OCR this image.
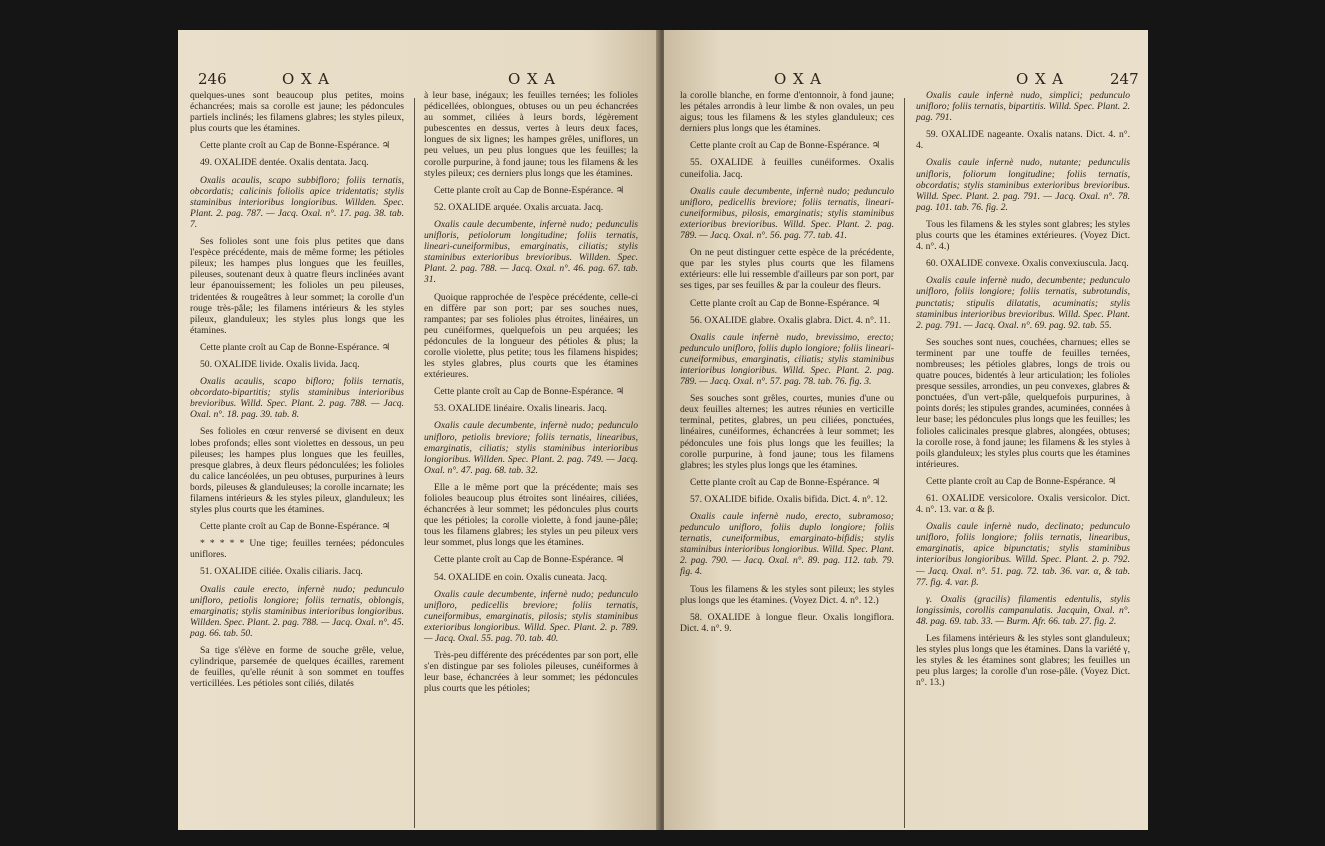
246	OXA	OXA

quelques-unes sont beaucoup plus petites, moins échancrées; mais sa corolle est jaune; les pédoncules partiels inclinés; les filamens glabres; les styles pileux, plus courts que les étamines.

Cette plante croît au Cap de Bonne-Espérance. ♃

49. OXALIDE dentée. Oxalis dentata. Jacq.

Oxalis acaulis, scapo subbifloro; foliis ternatis, obcordatis; calicinis foliolis apice tridentatis; stylis staminibus interioribus longioribus. Willden. Spec. Plant. 2. pag. 787. — Jacq. Oxal. n°. 17. pag. 38. tab. 7.

Ses folioles sont une fois plus petites que dans l'espèce précédente, mais de même forme; les pétioles pileux; les hampes plus longues que les feuilles, pileuses, soutenant deux à quatre fleurs inclinées avant leur épanouissement; les folioles un peu pileuses, tridentées & rougeâtres à leur sommet; la corolle d'un rouge très-pâle; les filamens intérieurs & les styles pileux, glanduleux; les styles plus longs que les étamines.

Cette plante croît au Cap de Bonne-Espérance. ♃

50. OXALIDE livide. Oxalis livida. Jacq.

Oxalis acaulis, scapo bifloro; foliis ternatis, obcordato-bipartitis; stylis staminibus interioribus brevioribus. Willd. Spec. Plant. 2. pag. 788. — Jacq. Oxal. n°. 18. pag. 39. tab. 8.

Ses folioles en cœur renversé se divisent en deux lobes profonds; elles sont violettes en dessous, un peu pileuses; les hampes plus longues que les feuilles, presque glabres, à deux fleurs pédonculées; les folioles du calice lancéolées, un peu obtuses, purpurines à leurs bords, pileuses & glanduleuses; la corolle incarnate; les filamens intérieurs & les styles pileux, glanduleux; les styles plus courts que les étamines.

Cette plante croît au Cap de Bonne-Espérance. ♃

* * * * * Une tige; feuilles ternées; pédoncules uniflores.

51. OXALIDE ciliée. Oxalis ciliaris. Jacq.

Oxalis caule erecto, infernè nudo; pedunculo unifloro, petiolis longiore; foliis ternatis, oblongis, emarginatis; stylis staminibus interioribus longioribus. Willden. Spec. Plant. 2. pag. 788. — Jacq. Oxal. n°. 45. pag. 66. tab. 50.

Sa tige s'élève en forme de souche grêle, velue, cylindrique, parsemée de quelques écailles, rarement de feuilles, qu'elle réunit à son sommet en touffes verticillées. Les pétioles sont ciliés, dilatés

à leur base, inégaux; les feuilles ternées; les folioles pédicellées, oblongues, obtuses ou un peu échancrées au sommet, ciliées à leurs bords, légèrement pubescentes en dessus, vertes à leurs deux faces, longues de six lignes; les hampes grêles, uniflores, un peu velues, un peu plus longues que les feuilles; la corolle purpurine, à fond jaune; tous les filamens & les styles pileux; ces derniers plus longs que les étamines.

Cette plante croît au Cap de Bonne-Espérance. ♃

52. OXALIDE arquée. Oxalis arcuata. Jacq.

Oxalis caule decumbente, infernè nudo; pedunculis unifloris, petiolorum longitudine; foliis ternatis, lineari-cuneiformibus, emarginatis, ciliatis; stylis staminibus exterioribus brevioribus. Willden. Spec. Plant. 2. pag. 788. — Jacq. Oxal. n°. 46. pag. 67. tab. 31.

Quoique rapprochée de l'espèce précédente, celle-ci en diffère par son port; par ses souches nues, rampantes; par ses folioles plus étroites, linéaires, un peu cunéiformes, quelquefois un peu arquées; les pédoncules de la longueur des pétioles & plus; la corolle violette, plus petite; tous les filamens hispides; les styles glabres, plus courts que les étamines extérieures.

Cette plante croît au Cap de Bonne-Espérance. ♃

53. OXALIDE linéaire. Oxalis linearis. Jacq.

Oxalis caule decumbente, infernè nudo; pedunculo unifloro, petiolis breviore; foliis ternatis, linearibus, emarginatis, ciliatis; stylis staminibus interioribus longioribus. Willden. Spec. Plant. 2. pag. 749. — Jacq. Oxal. n°. 47. pag. 68. tab. 32.

Elle a le même port que la précédente; mais ses folioles beaucoup plus étroites sont linéaires, ciliées, échancrées à leur sommet; les pédoncules plus courts que les pétioles; la corolle violette, à fond jaune-pâle; tous les filamens glabres; les styles un peu pileux vers leur sommet, plus longs que les étamines.

Cette plante croît au Cap de Bonne-Espérance. ♃

54. OXALIDE en coin. Oxalis cuneata. Jacq.

Oxalis caule decumbente, infernè nudo; pedunculo unifloro, pedicellis breviore; foliis ternatis, cuneiformibus, emarginatis, pilosis; stylis staminibus exterioribus longioribus. Willd. Spec. Plant. 2. p. 789. — Jacq. Oxal. 55. pag. 70. tab. 40.

Très-peu différente des précédentes par son port, elle s'en distingue par ses folioles pileuses, cunéiformes à leur base, échancrées à leur sommet; les pédoncules plus courts que les pétioles;

OXA	OXA	247

la corolle blanche, en forme d'entonnoir, à fond jaune; les pétales arrondis à leur limbe & non ovales, un peu aigus; tous les filamens & les styles glanduleux; ces derniers plus longs que les étamines.

Cette plante croît au Cap de Bonne-Espérance. ♃

55. OXALIDE à feuilles cunéiformes. Oxalis cuneifolia. Jacq.

Oxalis caule decumbente, infernè nudo; pedunculo unifloro, pedicellis breviore; foliis ternatis, lineari-cuneiformibus, pilosis, emarginatis; stylis staminibus exterioribus brevioribus. Willd. Spec. Plant. 2. pag. 789. — Jacq. Oxal. n°. 56. pag. 77. tab. 41.

On ne peut distinguer cette espèce de la précédente, que par les styles plus courts que les filamens extérieurs: elle lui ressemble d'ailleurs par son port, par ses tiges, par ses feuilles & par la couleur des fleurs.

Cette plante croît au Cap de Bonne-Espérance. ♃

56. OXALIDE glabre. Oxalis glabra. Dict. 4. n°. 11.

Oxalis caule infernè nudo, brevissimo, erecto; pedunculo unifloro, foliis duplo longiore; foliis lineari-cuneiformibus, emarginatis, ciliatis; stylis staminibus interioribus longioribus. Willd. Spec. Plant. 2. pag. 789. — Jacq. Oxal. n°. 57. pag. 78. tab. 76. fig. 3.

Ses souches sont grêles, courtes, munies d'une ou deux feuilles alternes; les autres réunies en verticille terminal, petites, glabres, un peu ciliées, ponctuées, linéaires, cunéiformes, échancrées à leur sommet; les pédoncules une fois plus longs que les feuilles; la corolle purpurine, à fond jaune; tous les filamens glabres; les styles plus longs que les étamines.

Cette plante croît au Cap de Bonne-Espérance. ♃

57. OXALIDE bifide. Oxalis bifida. Dict. 4. n°. 12.

Oxalis caule infernè nudo, erecto, subramoso; pedunculo unifloro, foliis duplo longiore; foliis ternatis, cuneiformibus, emarginato-bifidis; stylis staminibus interioribus longioribus. Willd. Spec. Plant. 2. pag. 790. — Jacq. Oxal. n°. 89. pag. 112. tab. 79. fig. 4.

Tous les filamens & les styles sont pileux; les styles plus longs que les étamines. (Voyez Dict. 4. n°. 12.)

58. OXALIDE à longue fleur. Oxalis longiflora. Dict. 4. n°. 9.

Oxalis caule infernè nudo, simplici; pedunculo unifloro; foliis ternatis, bipartitis. Willd. Spec. Plant. 2. pag. 791.

59. OXALIDE nageante. Oxalis natans. Dict. 4. n°. 4.

Oxalis caule infernè nudo, nutante; pedunculis unifloris, foliorum longitudine; foliis ternatis, obcordatis; stylis staminibus exterioribus brevioribus. Willd. Spec. Plant. 2. pag. 791. — Jacq. Oxal. n°. 78. pag. 101. tab. 76. fig. 2.

Tous les filamens & les styles sont glabres; les styles plus courts que les étamines extérieures. (Voyez Dict. 4. n°. 4.)

60. OXALIDE convexe. Oxalis convexiuscula. Jacq.

Oxalis caule infernè nudo, decumbente; pedunculo unifloro, foliis longiore; foliis ternatis, subrotundis, punctatis; stipulis dilatatis, acuminatis; stylis staminibus interioribus brevioribus. Willd. Spec. Plant. 2. pag. 791. — Jacq. Oxal. n°. 69. pag. 92. tab. 55.

Ses souches sont nues, couchées, charnues; elles se terminent par une touffe de feuilles ternées, nombreuses; les pétioles glabres, longs de trois ou quatre pouces, bidentés à leur articulation; les folioles presque sessiles, arrondies, un peu convexes, glabres & ponctuées, d'un vert-pâle, quelquefois purpurines, à points dorés; les stipules grandes, acuminées, connées à leur base; les pédoncules plus longs que les feuilles; les folioles calicinales presque glabres, alongées, obtuses; la corolle rose, à fond jaune; les filamens & les styles à poils glanduleux; les styles plus courts que les étamines intérieures.

Cette plante croît au Cap de Bonne-Espérance. ♃

61. OXALIDE versicolore. Oxalis versicolor. Dict. 4. n°. 13. var. α & β.

Oxalis caule infernè nudo, declinato; pedunculo unifloro, foliis longiore; foliis ternatis, linearibus, emarginatis, apice bipunctatis; stylis staminibus interioribus longioribus. Willd. Spec. Plant. 2. p. 792. — Jacq. Oxal. n°. 51. pag. 72. tab. 36. var. α, & tab. 77. fig. 4. var. β.

γ. Oxalis (gracilis) filamentis edentulis, stylis longissimis, corollis campanulatis. Jacquin, Oxal. n°. 48. pag. 69. tab. 33. — Burm. Afr. 66. tab. 27. fig. 2.

Les filamens intérieurs & les styles sont glanduleux; les styles plus longs que les étamines. Dans la variété γ, les styles & les étamines sont glabres; les feuilles un peu plus larges; la corolle d'un rose-pâle. (Voyez Dict. n°. 13.)
